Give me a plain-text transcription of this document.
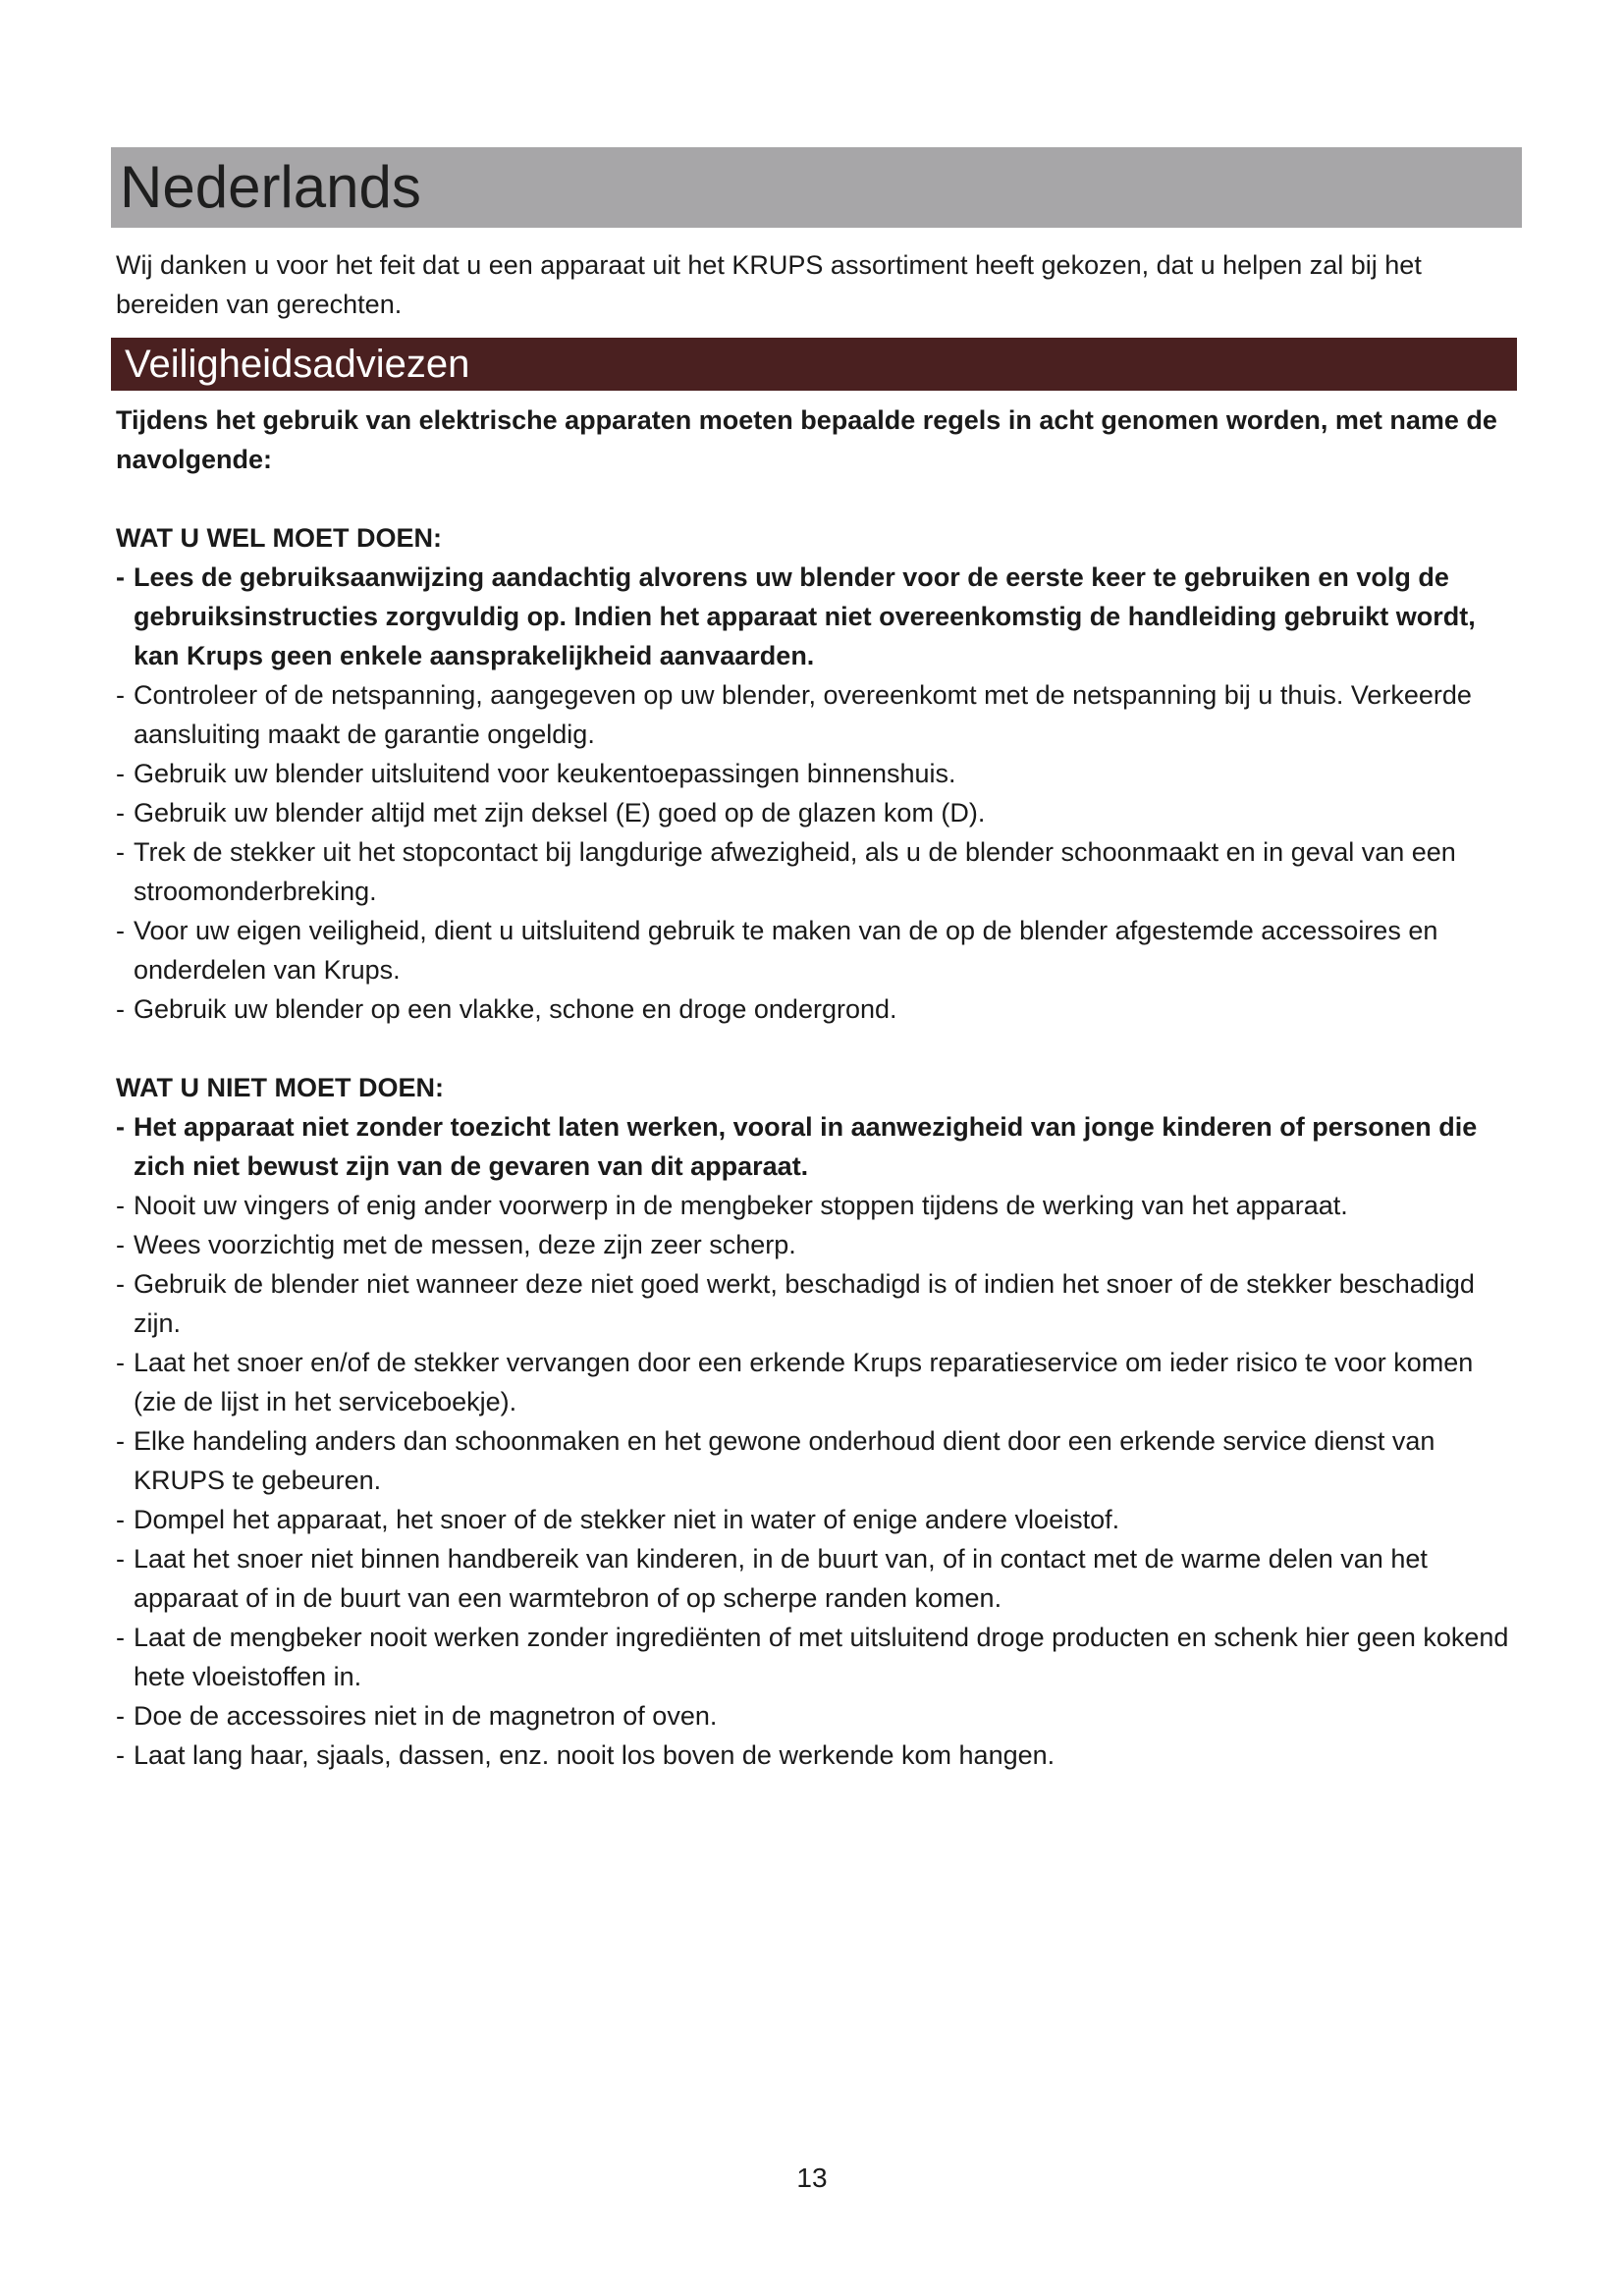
Nederlands

Wij danken u voor het feit dat u een apparaat uit het KRUPS assortiment heeft gekozen, dat u helpen zal bij het bereiden van gerechten.

Veiligheidsadviezen

Tijdens het gebruik van elektrische apparaten moeten bepaalde regels in acht genomen worden, met name de navolgende:

WAT U WEL MOET DOEN:

- Lees de gebruiksaanwijzing aandachtig alvorens uw blender voor de eerste keer te gebruiken en volg de gebruiksinstructies zorgvuldig op. Indien het apparaat niet overeenkomstig de handleiding gebruikt wordt, kan Krups geen enkele aansprakelijkheid aanvaarden.
- Controleer of de netspanning, aangegeven op uw blender, overeenkomt met de netspanning bij u thuis. Verkeerde aansluiting maakt de garantie ongeldig.
- Gebruik uw blender uitsluitend voor keukentoepassingen binnenshuis.
- Gebruik uw blender altijd met zijn deksel (E) goed op de glazen kom (D).
- Trek de stekker uit het stopcontact bij langdurige afwezigheid, als u de blender schoonmaakt en in geval van een stroomonderbreking.
- Voor uw eigen veiligheid, dient u uitsluitend gebruik te maken van de op de blender afgestemde accessoires en onderdelen van Krups.
- Gebruik uw blender op een vlakke, schone en droge ondergrond.

WAT U NIET MOET DOEN:

- Het apparaat niet zonder toezicht laten werken, vooral in aanwezigheid van jonge kinderen of personen die zich niet bewust zijn van de gevaren van dit apparaat.
- Nooit uw vingers of enig ander voorwerp in de mengbeker stoppen tijdens de werking van het apparaat.
- Wees voorzichtig met de messen, deze zijn zeer scherp.
- Gebruik de blender niet wanneer deze niet goed werkt, beschadigd is of indien het snoer of de stekker beschadigd zijn.
- Laat het snoer en/of de stekker vervangen door een erkende Krups reparatieservice om ieder risico te voor komen (zie de lijst in het serviceboekje).
- Elke handeling anders dan schoonmaken en het gewone onderhoud dient door een erkende service dienst van KRUPS te gebeuren.
- Dompel het apparaat, het snoer of de stekker niet in water of enige andere vloeistof.
- Laat het snoer niet binnen handbereik van kinderen, in de buurt van, of in contact met de warme delen van het apparaat of in de buurt van een warmtebron of op scherpe randen komen.
- Laat de mengbeker nooit werken zonder ingrediënten of met uitsluitend droge producten en schenk hier geen kokend hete vloeistoffen in.
- Doe de accessoires niet in de magnetron of oven.
- Laat lang haar, sjaals, dassen, enz. nooit los boven de werkende kom hangen.
13
